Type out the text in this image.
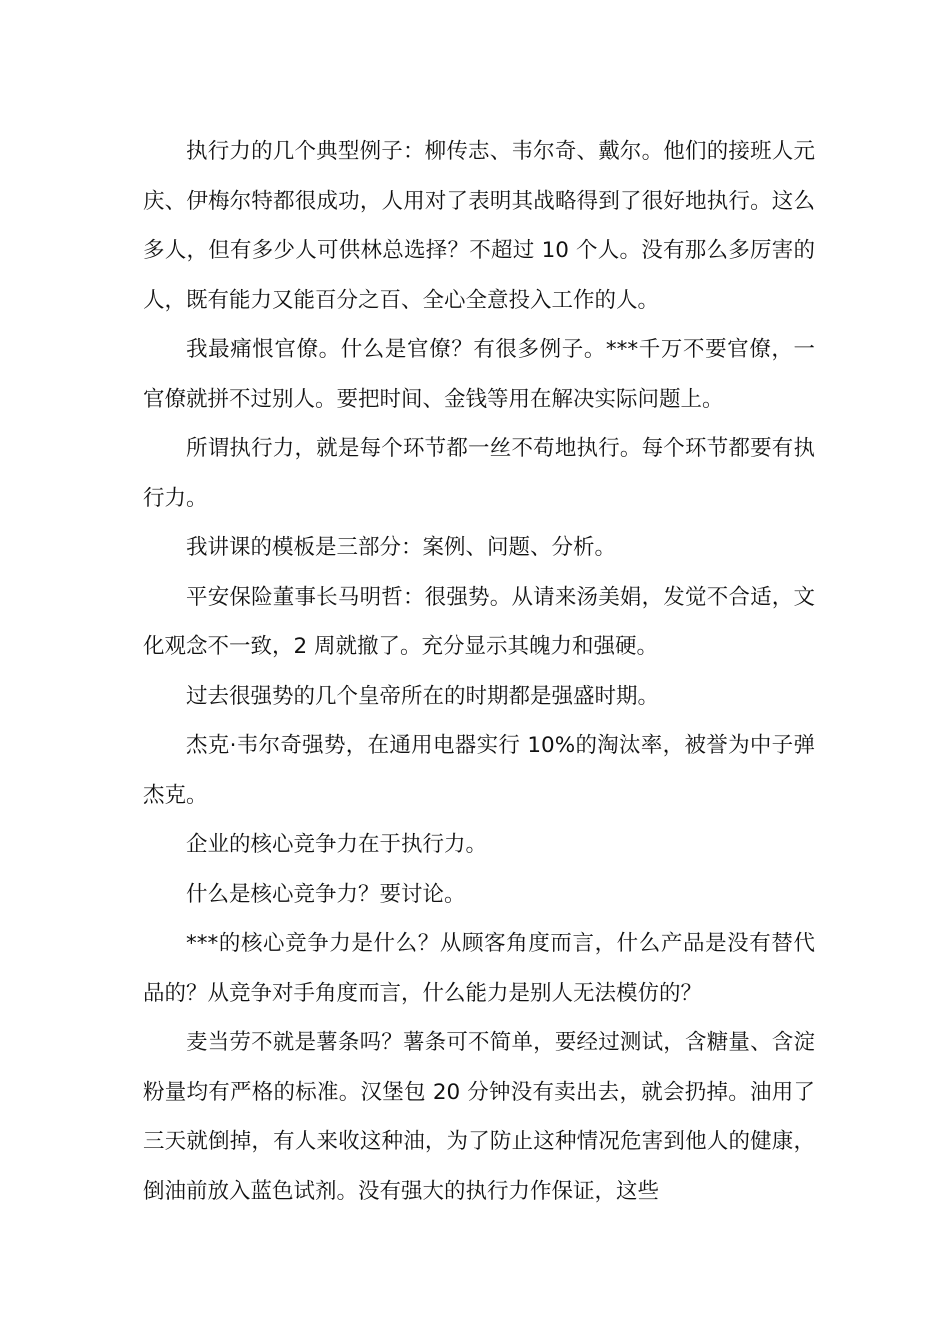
执行力的几个典型例子：柳传志、韦尔奇、戴尔。他们的接班人元庆、伊梅尔特都很成功，人用对了表明其战略得到了很好地执行。这么多人，但有多少人可供林总选择？不超过 10 个人。没有那么多厉害的人，既有能力又能百分之百、全心全意投入工作的人。

我最痛恨官僚。什么是官僚？有很多例子。***千万不要官僚，一官僚就拼不过别人。要把时间、金钱等用在解决实际问题上。

所谓执行力，就是每个环节都一丝不苟地执行。每个环节都要有执行力。

我讲课的模板是三部分：案例、问题、分析。

平安保险董事长马明哲：很强势。从请来汤美娟，发觉不合适，文化观念不一致，2 周就撤了。充分显示其魄力和强硬。

过去很强势的几个皇帝所在的时期都是强盛时期。

杰克·韦尔奇强势，在通用电器实行 10%的淘汰率，被誉为中子弹杰克。

企业的核心竞争力在于执行力。

什么是核心竞争力？要讨论。

***的核心竞争力是什么？从顾客角度而言，什么产品是没有替代品的？从竞争对手角度而言，什么能力是别人无法模仿的？

麦当劳不就是薯条吗？薯条可不简单，要经过测试，含糖量、含淀粉量均有严格的标准。汉堡包 20 分钟没有卖出去，就会扔掉。油用了三天就倒掉，有人来收这种油，为了防止这种情况危害到他人的健康，倒油前放入蓝色试剂。没有强大的执行力作保证，这些
